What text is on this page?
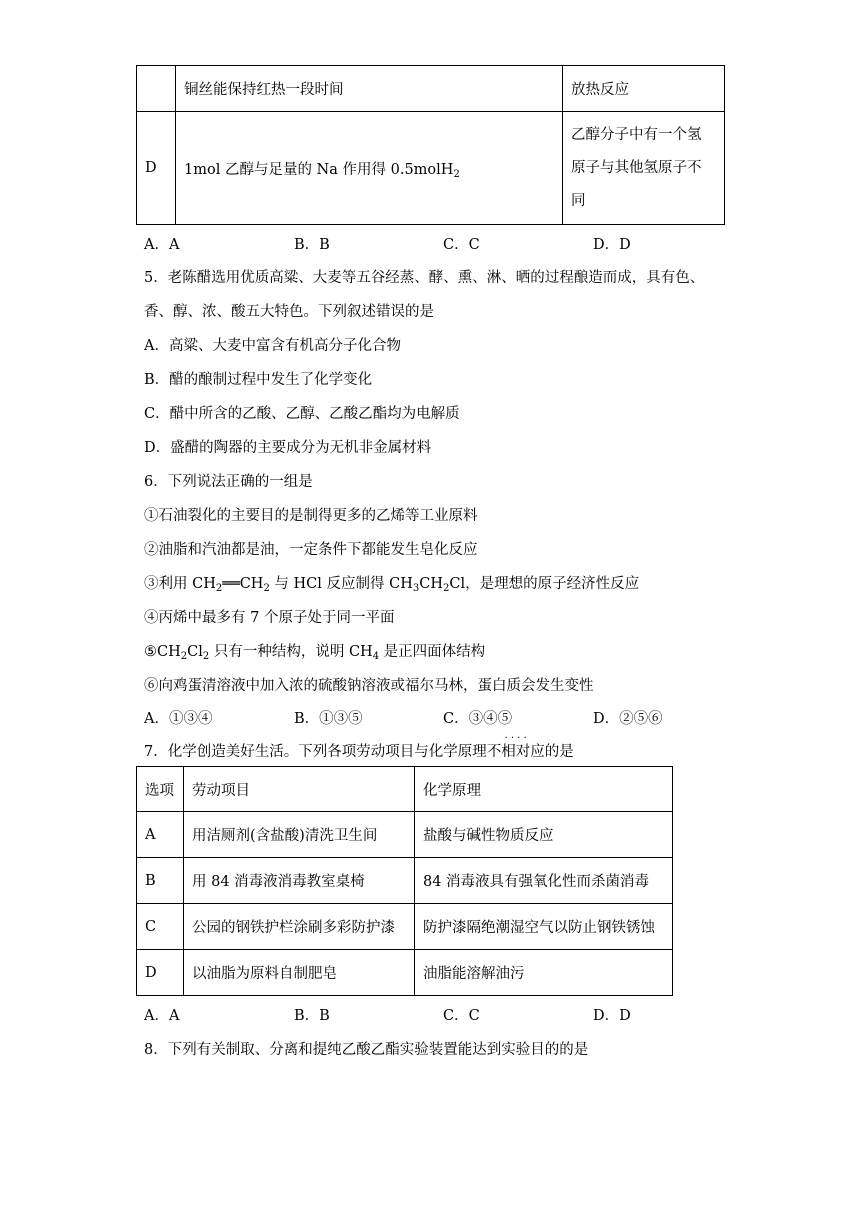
	铜丝能保持红热一段时间	放热反应
D	1mol 乙醇与足量的 Na 作用得 0.5molH$_2$	乙醇分子中有一个氢
原子与其他氢原子不
同
A．A	B．B	C．C	D．D
5．老陈醋选用优质高粱、大麦等五谷经蒸、酵、熏、淋、晒的过程酿造而成，具有色、
香、醇、浓、酸五大特色。下列叙述错误的是
A．高粱、大麦中富含有机高分子化合物
B．醋的酿制过程中发生了化学变化
C．醋中所含的乙酸、乙醇、乙酸乙酯均为电解质
D．盛醋的陶器的主要成分为无机非金属材料
6．下列说法正确的一组是
①石油裂化的主要目的是制得更多的乙烯等工业原料
②油脂和汽油都是油，一定条件下都能发生皂化反应
③利用 $CH_2══CH_2$ 与 HCl 反应制得 $CH_3CH_2Cl$，是理想的原子经济性反应
④丙烯中最多有 7 个原子处于同一平面
$⑤CH_2Cl_2$ 只有一种结构，说明 $CH_4$ 是正四面体结构
⑥向鸡蛋清溶液中加入浓的硫酸钠溶液或福尔马林，蛋白质会发生变性
A．①③④	B．①③⑤	C．③④⑤	D．②⑤⑥
7．化学创造美好生活。下列各项劳动项目与化学原理
· · · ·
不相对应的是
选项	劳动项目	化学原理
A	用洁厕剂(含盐酸)清洗卫生间	盐酸与碱性物质反应
B	用 84 消毒液消毒教室桌椅	84 消毒液具有强氧化性而杀菌消毒
C	公园的钢铁护栏涂刷多彩防护漆	防护漆隔绝潮湿空气以防止钢铁锈蚀
D	以油脂为原料自制肥皂	油脂能溶解油污
A．A	B．B	C．C	D．D
8．下列有关制取、分离和提纯乙酸乙酯实验装置能达到实验目的的是
